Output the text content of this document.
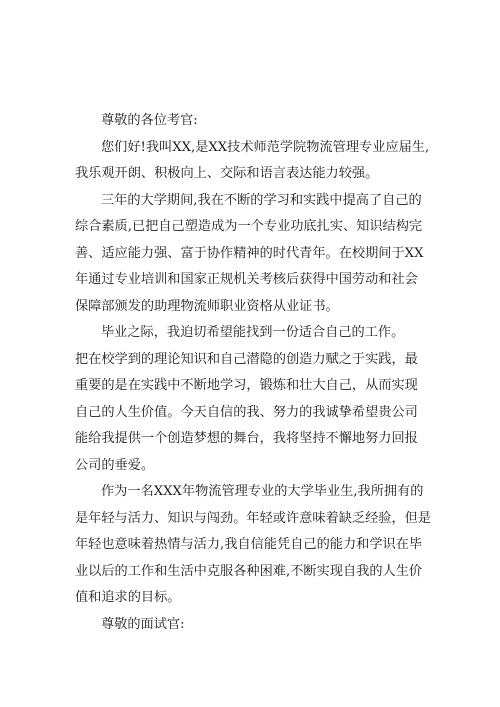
尊敬的各位考官:
您们好!我叫XX,是XX技术师范学院物流管理专业应届生,
我乐观开朗、积极向上、交际和语言表达能力较强。
三年的大学期间,我在不断的学习和实践中提高了自己的
综合素质,已把自己塑造成为一个专业功底扎实、知识结构完
善、适应能力强、富于协作精神的时代青年。在校期间于XX
年通过专业培训和国家正规机关考核后获得中国劳动和社会
保障部颁发的助理物流师职业资格从业证书。
毕业之际，我迫切希望能找到一份适合自己的工作。
把在校学到的理论知识和自己潜隐的创造力赋之于实践，最
重要的是在实践中不断地学习，锻炼和壮大自己，从而实现
自己的人生价值。今天自信的我、努力的我诚挚希望贵公司
能给我提供一个创造梦想的舞台，我将坚持不懈地努力回报
公司的垂爱。
作为一名XXX年物流管理专业的大学毕业生,我所拥有的
是年轻与活力、知识与闯劲。年轻或许意味着缺乏经验，但是
年轻也意味着热情与活力,我自信能凭自己的能力和学识在毕
业以后的工作和生活中克服各种困难,不断实现自我的人生价
值和追求的目标。
尊敬的面试官:
